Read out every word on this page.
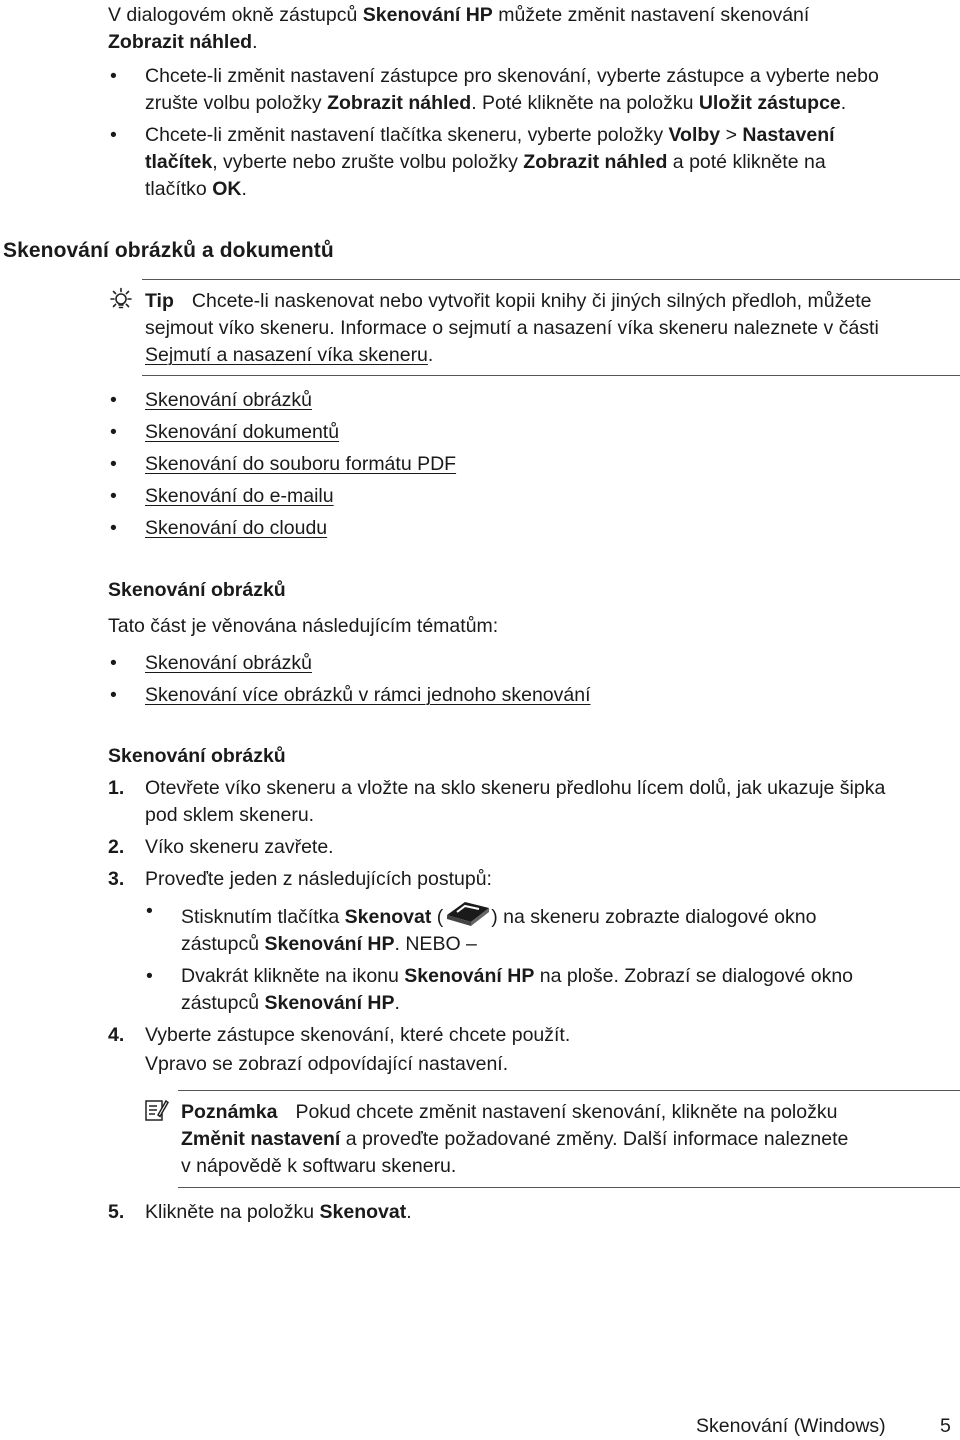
V dialogovém okně zástupců Skenování HP můžete změnit nastavení skenování
Zobrazit náhled.
•	Chcete-li změnit nastavení zástupce pro skenování, vyberte zástupce a vyberte nebo
zrušte volbu položky Zobrazit náhled. Poté klikněte na položku Uložit zástupce.
•	Chcete-li změnit nastavení tlačítka skeneru, vyberte položky Volby > Nastavení
tlačítek, vyberte nebo zrušte volbu položky Zobrazit náhled a poté klikněte na
tlačítko OK.
Skenování obrázků a dokumentů
Tip Chcete-li naskenovat nebo vytvořit kopii knihy či jiných silných předloh, můžete
sejmout víko skeneru. Informace o sejmutí a nasazení víka skeneru naleznete v části
Sejmutí a nasazení víka skeneru.
•	Skenování obrázků
•	Skenování dokumentů
•	Skenování do souboru formátu PDF
•	Skenování do e-mailu
•	Skenování do cloudu
Skenování obrázků
Tato část je věnována následujícím tématům:
•	Skenování obrázků
•	Skenování více obrázků v rámci jednoho skenování
Skenování obrázků
1. Otevřete víko skeneru a vložte na sklo skeneru předlohu lícem dolů, jak ukazuje šipka
pod sklem skeneru.
2. Víko skeneru zavřete.
3. Proveďte jeden z následujících postupů:
•	Stisknutím tlačítka Skenovat ( ) na skeneru zobrazte dialogové okno
zástupců Skenování HP. NEBO –
•	Dvakrát klikněte na ikonu Skenování HP na ploše. Zobrazí se dialogové okno
zástupců Skenování HP.
4. Vyberte zástupce skenování, které chcete použít.
Vpravo se zobrazí odpovídající nastavení.
Poznámka Pokud chcete změnit nastavení skenování, klikněte na položku
Změnit nastavení a proveďte požadované změny. Další informace naleznete
v nápovědě k softwaru skeneru.
5. Klikněte na položku Skenovat.
Skenování (Windows)	5
